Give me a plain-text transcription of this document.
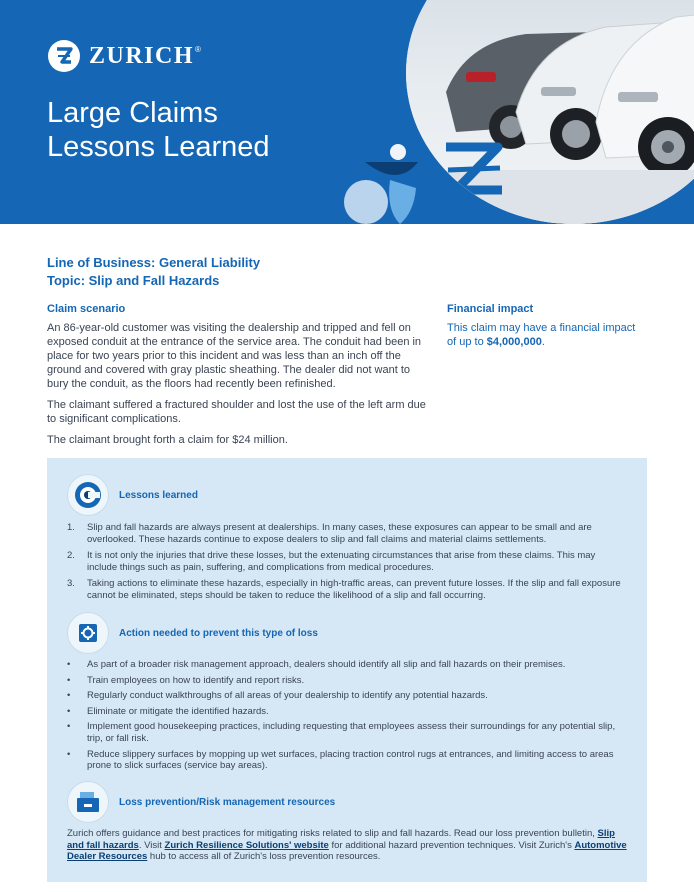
ZURICH ®
Large Claims
Lessons Learned
Line of Business: General Liability
Topic: Slip and Fall Hazards
Claim scenario

An 86-year-old customer was visiting the dealership and tripped and fell on exposed conduit at the entrance of the service area. The conduit had been in place for two years prior to this incident and was less than an inch off the ground and covered with gray plastic sheathing. The dealer did not want to bury the conduit, as the floors had recently been refinished.

The claimant suffered a fractured shoulder and lost the use of the left arm due to significant complications.

The claimant brought forth a claim for $24 million.

Financial impact
This claim may have a financial impact of up to $4,000,000.
Lessons learned
1.	Slip and fall hazards are always present at dealerships. In many cases, these exposures can appear to be small and are overlooked. These hazards continue to expose dealers to slip and fall claims and material claims settlements.
2.	It is not only the injuries that drive these losses, but the extenuating circumstances that arise from these claims. This may include things such as pain, suffering, and complications from medical procedures.
3.	Taking actions to eliminate these hazards, especially in high-traffic areas, can prevent future losses. If the slip and fall exposure cannot be eliminated, steps should be taken to reduce the likelihood of a slip and fall occurring.
Action needed to prevent this type of loss
•	As part of a broader risk management approach, dealers should identify all slip and fall hazards on their premises.
•	Train employees on how to identify and report risks.
•	Regularly conduct walkthroughs of all areas of your dealership to identify any potential hazards.
•	Eliminate or mitigate the identified hazards.
•	Implement good housekeeping practices, including requesting that employees assess their surroundings for any potential slip, trip, or fall risk.
•	Reduce slippery surfaces by mopping up wet surfaces, placing traction control rugs at entrances, and limiting access to areas prone to slick surfaces (service bay areas).
Loss prevention/Risk management resources
Zurich offers guidance and best practices for mitigating risks related to slip and fall hazards. Read our loss prevention bulletin, Slip and fall hazards. Visit Zurich Resilience Solutions' website for additional hazard prevention techniques. Visit Zurich's Automotive Dealer Resources hub to access all of Zurich's loss prevention resources.
